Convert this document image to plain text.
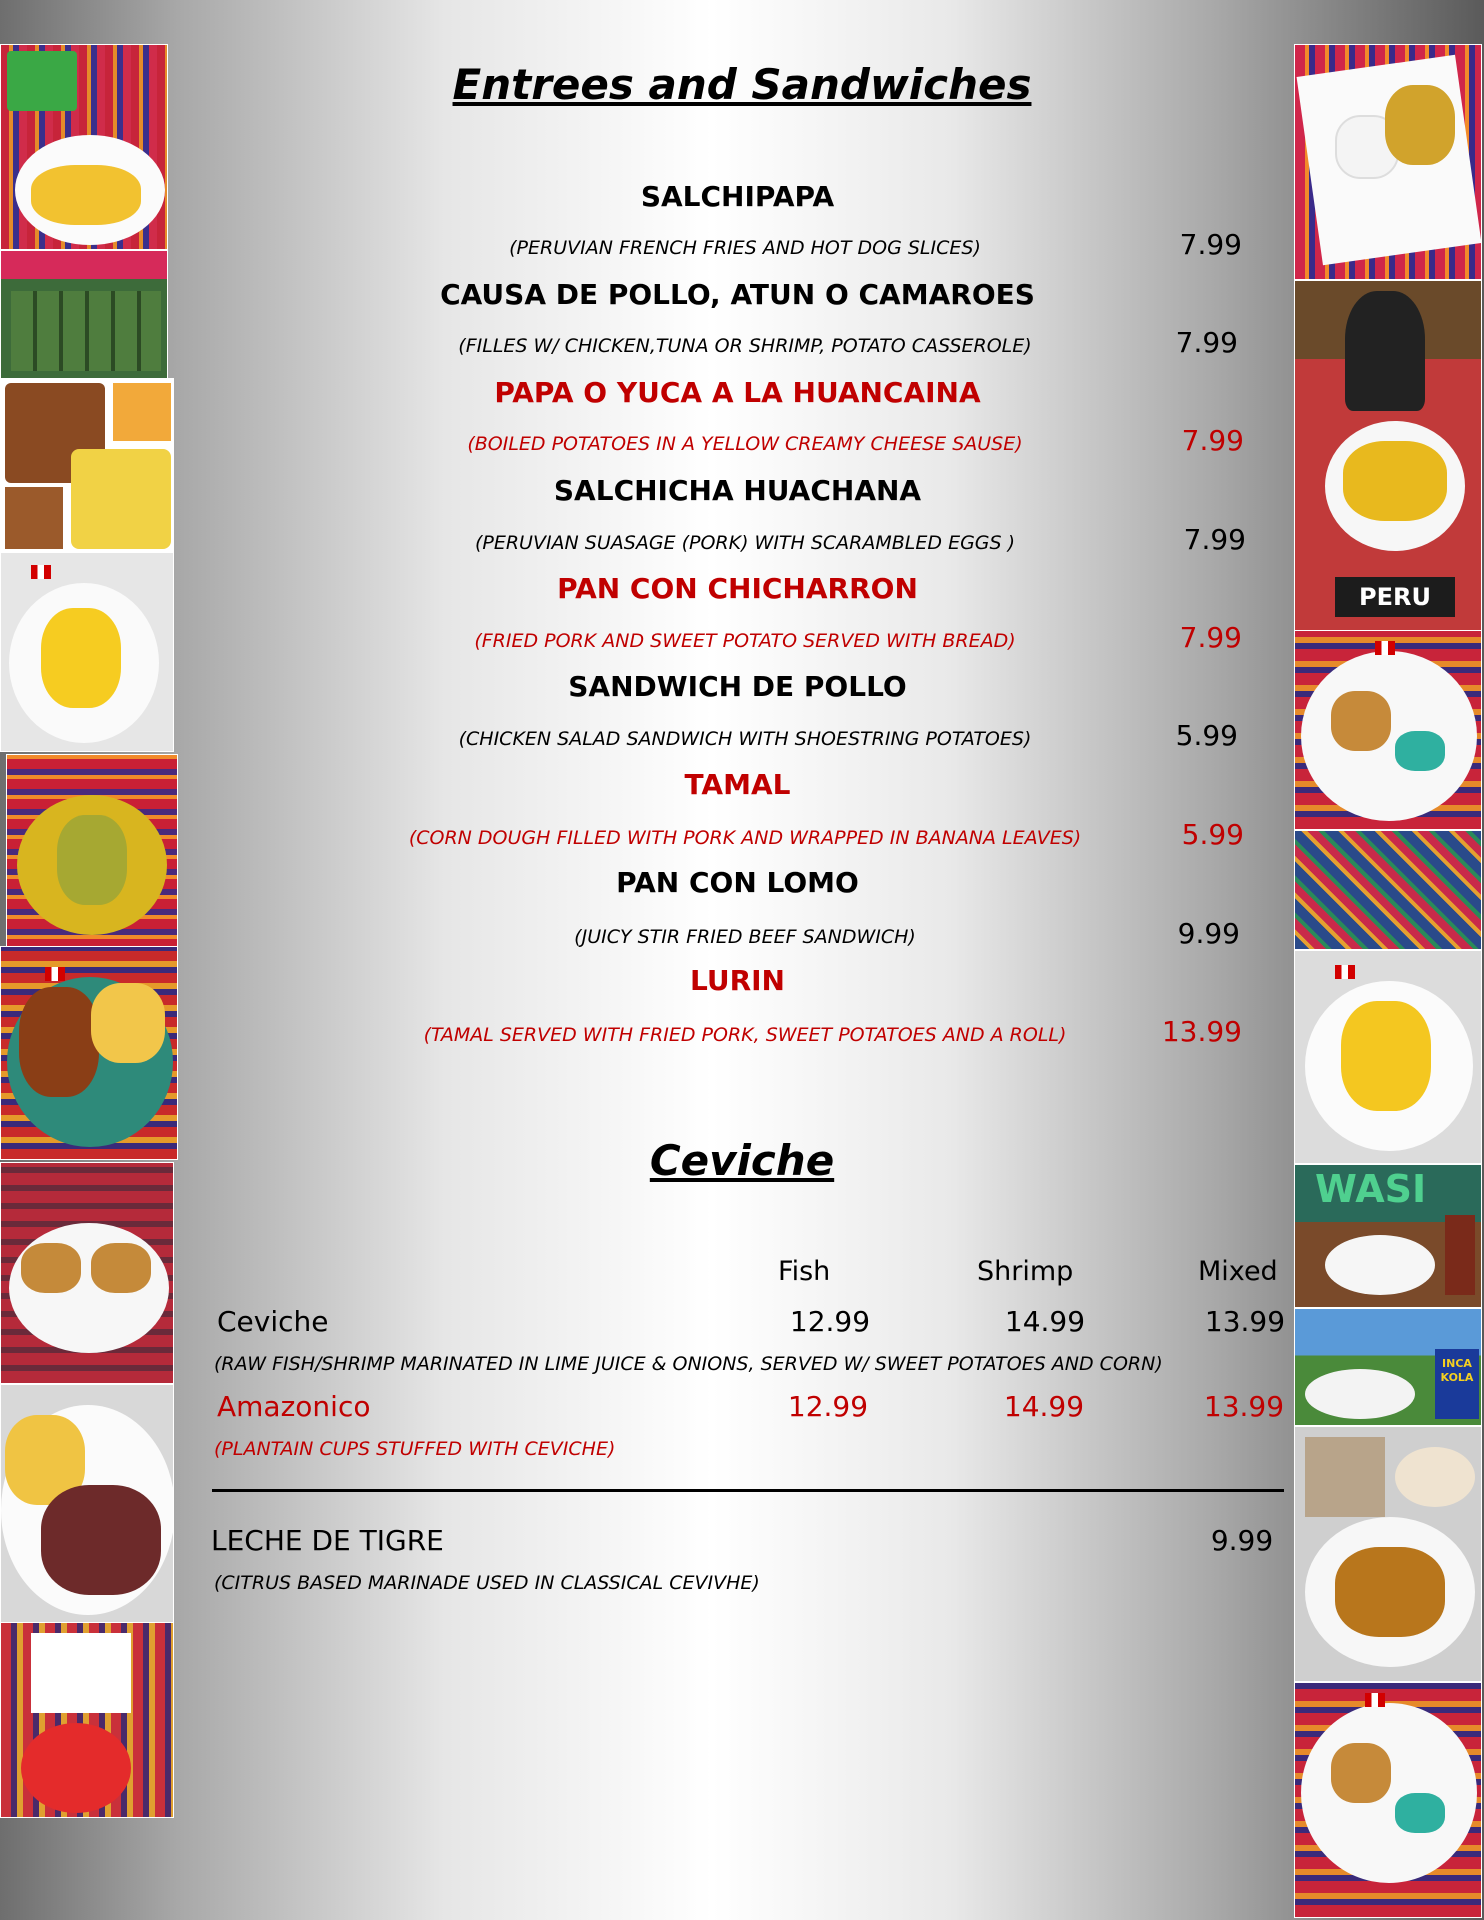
PERU
WASI
INCA KOLA
Entrees and Sandwiches
SALCHIPAPA
(PERUVIAN FRENCH FRIES AND HOT DOG SLICES)	7.99
CAUSA DE POLLO, ATUN O CAMAROES
(FILLES W/ CHICKEN,TUNA OR SHRIMP, POTATO CASSEROLE)	7.99
PAPA O YUCA A LA HUANCAINA
(BOILED POTATOES IN A YELLOW CREAMY CHEESE SAUSE)	7.99
SALCHICHA HUACHANA
(PERUVIAN SUASAGE (PORK) WITH SCARAMBLED EGGS )	7.99
PAN CON CHICHARRON
(FRIED PORK AND SWEET POTATO SERVED WITH BREAD)	7.99
SANDWICH DE POLLO
(CHICKEN SALAD SANDWICH WITH SHOESTRING POTATOES)	5.99
TAMAL
(CORN DOUGH FILLED WITH PORK AND WRAPPED IN BANANA LEAVES)	5.99
PAN CON LOMO
(JUICY STIR FRIED BEEF SANDWICH)	9.99
LURIN
(TAMAL SERVED WITH FRIED PORK, SWEET POTATOES AND A ROLL)	13.99
Ceviche
Fish	Shrimp	Mixed
Ceviche	12.99	14.99	13.99
(RAW FISH/SHRIMP MARINATED IN LIME JUICE & ONIONS, SERVED W/ SWEET POTATOES AND CORN)
Amazonico	12.99	14.99	13.99
(PLANTAIN CUPS STUFFED WITH CEVICHE)
LECHE DE TIGRE	9.99
(CITRUS BASED MARINADE USED IN CLASSICAL CEVIVHE)
